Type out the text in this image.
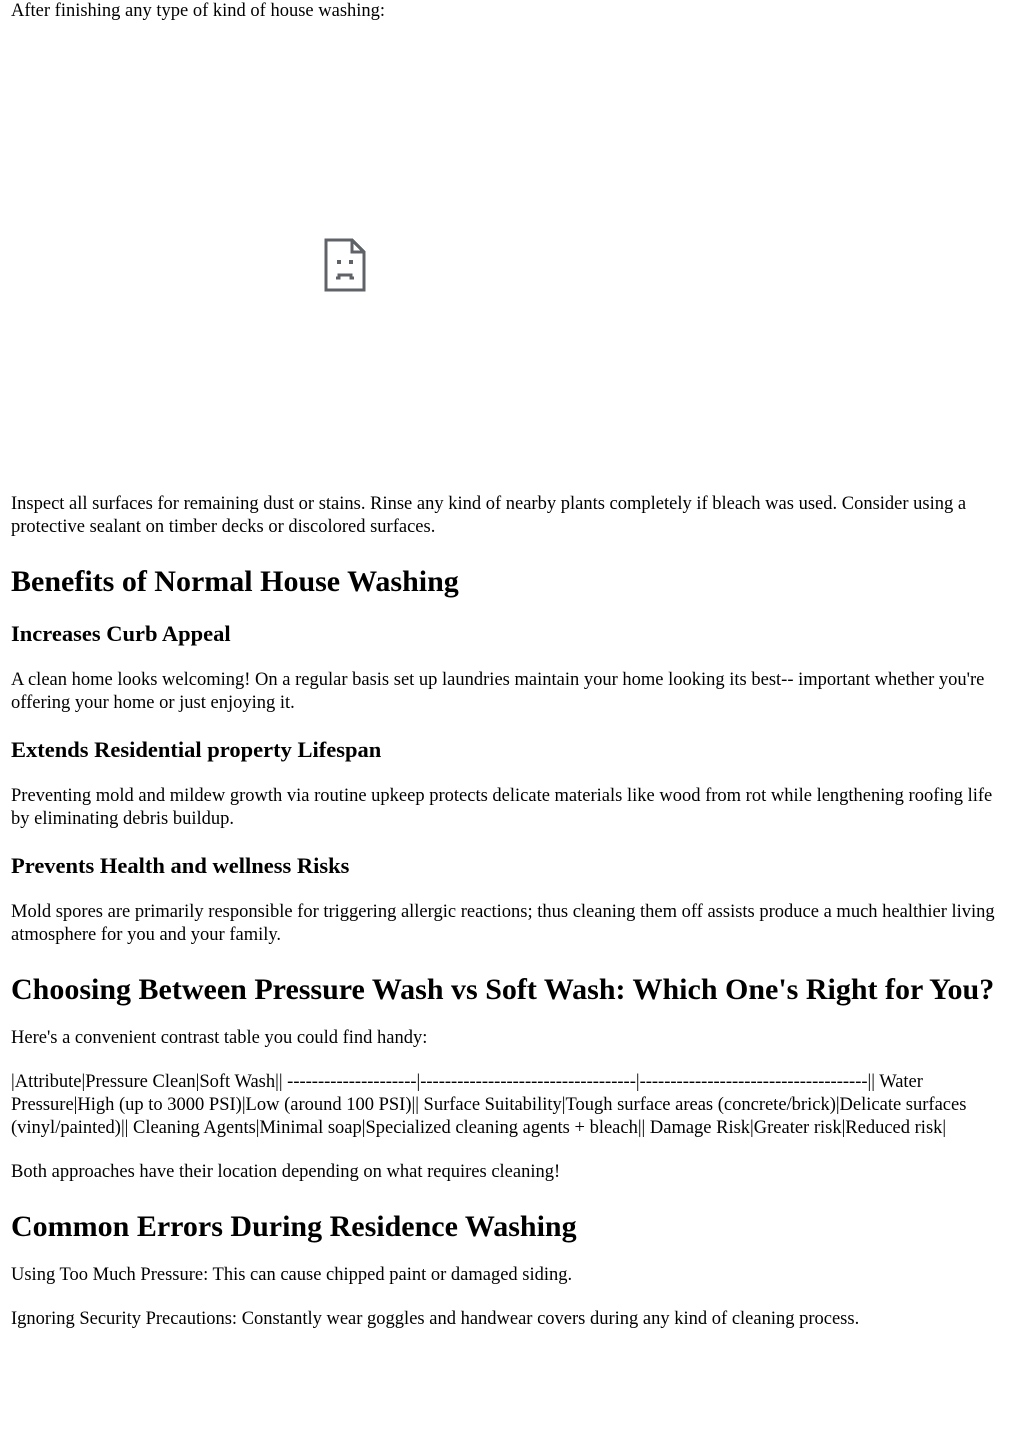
After finishing any type of kind of house washing:

Inspect all surfaces for remaining dust or stains. Rinse any kind of nearby plants completely if bleach was used. Consider using a protective sealant on timber decks or discolored surfaces.

Benefits of Normal House Washing
Increases Curb Appeal

A clean home looks welcoming! On a regular basis set up laundries maintain your home looking its best-- important whether you're offering your home or just enjoying it.

Extends Residential property Lifespan

Preventing mold and mildew growth via routine upkeep protects delicate materials like wood from rot while lengthening roofing life by eliminating debris buildup.

Prevents Health and wellness Risks

Mold spores are primarily responsible for triggering allergic reactions; thus cleaning them off assists produce a much healthier living atmosphere for you and your family.

Choosing Between Pressure Wash vs Soft Wash: Which One's Right for You?

Here's a convenient contrast table you could find handy:

|Attribute|Pressure Clean|Soft Wash|| ---------------------|-----------------------------------|-------------------------------------|| Water Pressure|High (up to 3000 PSI)|Low (around 100 PSI)|| Surface Suitability|Tough surface areas (concrete/brick)|Delicate surfaces (vinyl/painted)|| Cleaning Agents|Minimal soap|Specialized cleaning agents + bleach|| Damage Risk|Greater risk|Reduced risk|

Both approaches have their location depending on what requires cleaning!

Common Errors During Residence Washing

Using Too Much Pressure: This can cause chipped paint or damaged siding.

Ignoring Security Precautions: Constantly wear goggles and handwear covers during any kind of cleaning process.
